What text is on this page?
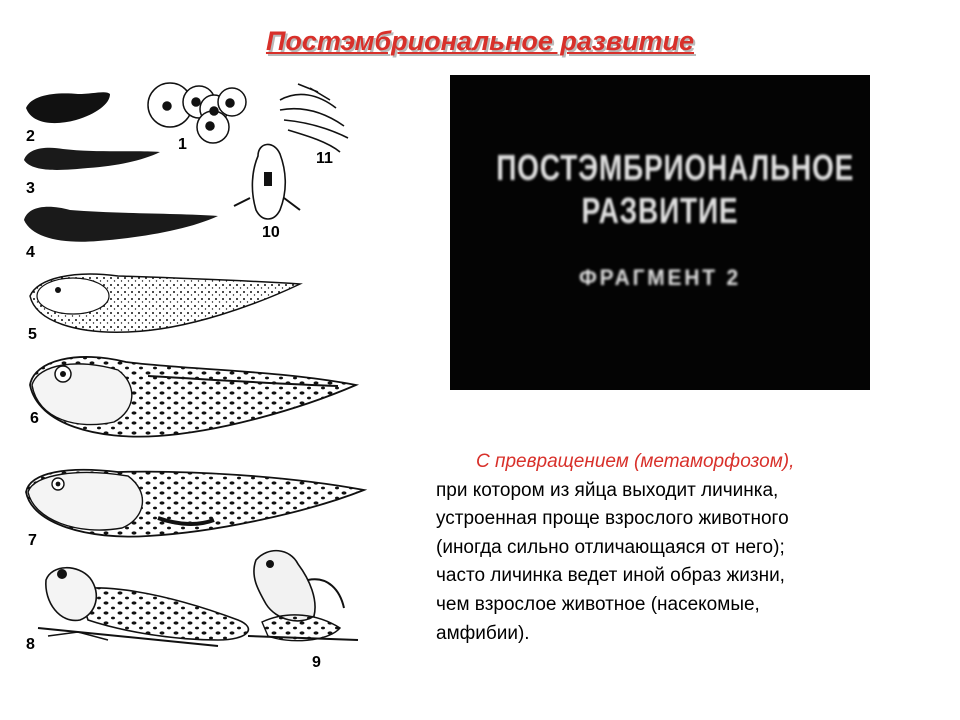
Постэмбриональное развитие
2	1
11
3
10
4
5
6
7
8
9
ПОСТЭМБРИОНАЛЬНОЕ
РАЗВИТИЕ
ФРАГМЕНТ 2
С превращением (метаморфозом),
при котором из яйца выходит личинка,
устроенная проще взрослого животного
(иногда сильно отличающаяся от него);
часто личинка ведет иной образ жизни,
чем взрослое животное (насекомые,
амфибии).
